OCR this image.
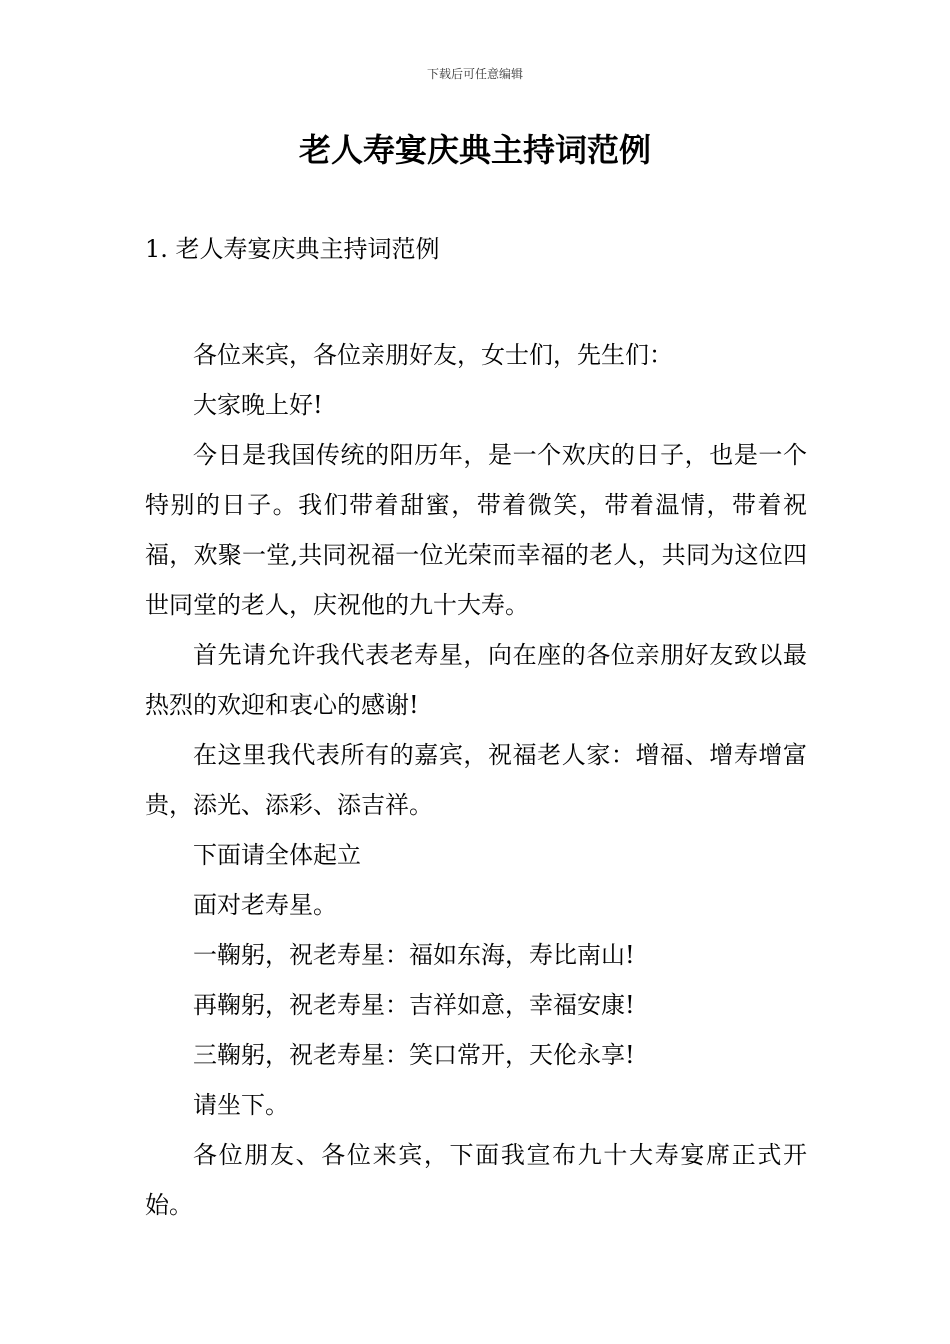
下载后可任意编辑
老人寿宴庆典主持词范例
1. 老人寿宴庆典主持词范例

各位来宾，各位亲朋好友，女士们，先生们：

大家晚上好!

今日是我国传统的阳历年，是一个欢庆的日子，也是一个特别的日子。我们带着甜蜜，带着微笑，带着温情，带着祝福，欢聚一堂,共同祝福一位光荣而幸福的老人，共同为这位四世同堂的老人，庆祝他的九十大寿。

首先请允许我代表老寿星，向在座的各位亲朋好友致以最热烈的欢迎和衷心的感谢!

在这里我代表所有的嘉宾，祝福老人家：增福、增寿增富贵，添光、添彩、添吉祥。

下面请全体起立

面对老寿星。

一鞠躬，祝老寿星：福如东海，寿比南山!

再鞠躬，祝老寿星：吉祥如意，幸福安康!

三鞠躬，祝老寿星：笑口常开，天伦永享!

请坐下。

各位朋友、各位来宾，下面我宣布九十大寿宴席正式开始。
